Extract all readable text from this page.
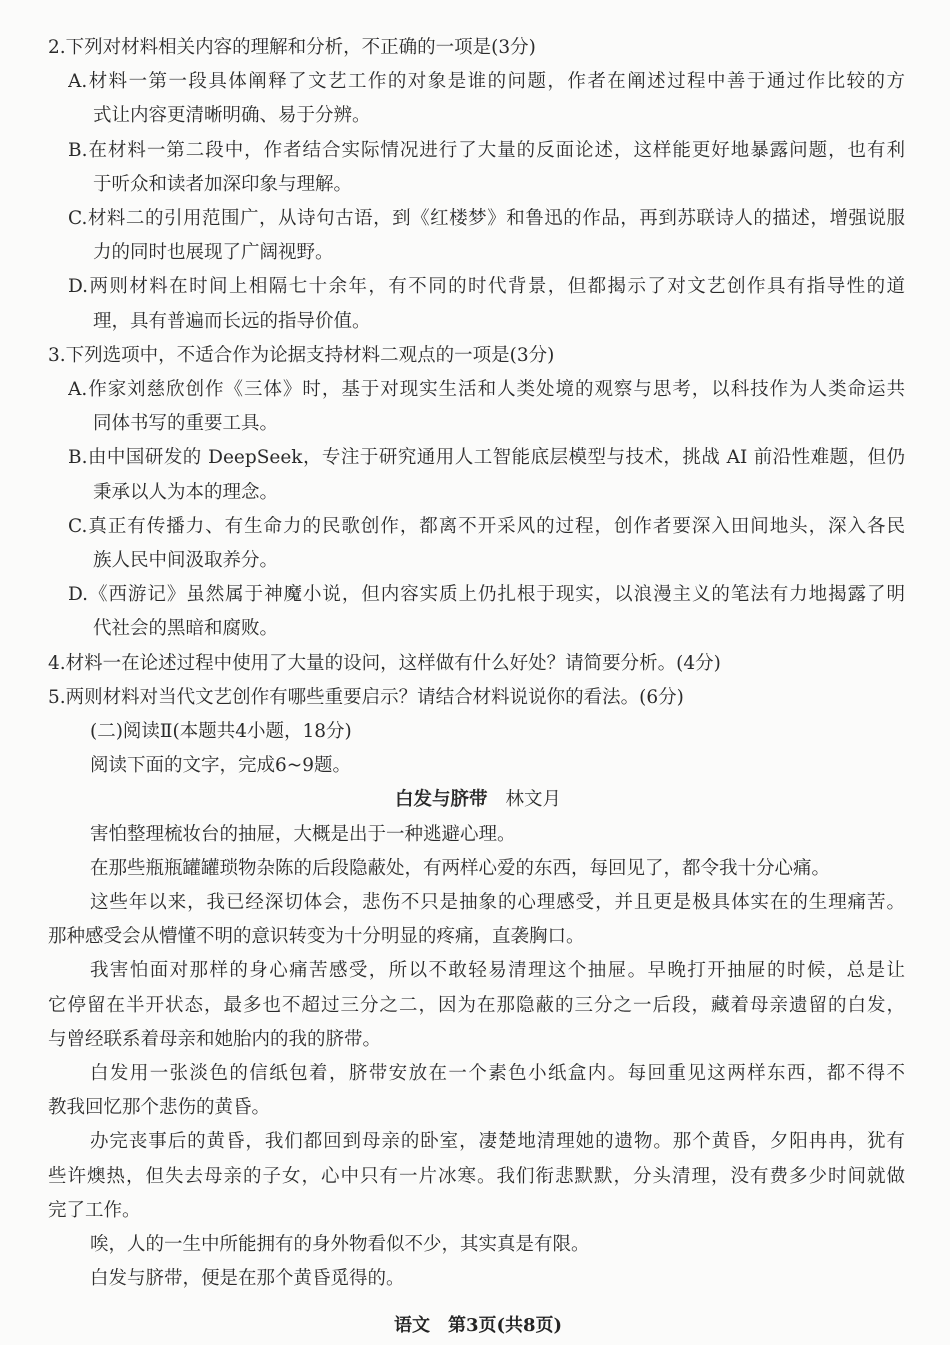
2.下列对材料相关内容的理解和分析，不正确的一项是(3分)
A.材料一第一段具体阐释了文艺工作的对象是谁的问题，作者在阐述过程中善于通过作比较的方
式让内容更清晰明确、易于分辨。
B.在材料一第二段中，作者结合实际情况进行了大量的反面论述，这样能更好地暴露问题，也有利
于听众和读者加深印象与理解。
C.材料二的引用范围广，从诗句古语，到《红楼梦》和鲁迅的作品，再到苏联诗人的描述，增强说服
力的同时也展现了广阔视野。
D.两则材料在时间上相隔七十余年，有不同的时代背景，但都揭示了对文艺创作具有指导性的道
理，具有普遍而长远的指导价值。
3.下列选项中，不适合作为论据支持材料二观点的一项是(3分)
A.作家刘慈欣创作《三体》时，基于对现实生活和人类处境的观察与思考，以科技作为人类命运共
同体书写的重要工具。
B.由中国研发的 DeepSeek，专注于研究通用人工智能底层模型与技术，挑战 AI 前沿性难题，但仍
秉承以人为本的理念。
C.真正有传播力、有生命力的民歌创作，都离不开采风的过程，创作者要深入田间地头，深入各民
族人民中间汲取养分。
D.《西游记》虽然属于神魔小说，但内容实质上仍扎根于现实，以浪漫主义的笔法有力地揭露了明
代社会的黑暗和腐败。
4.材料一在论述过程中使用了大量的设问，这样做有什么好处？请简要分析。(4分)
5.两则材料对当代文艺创作有哪些重要启示？请结合材料说说你的看法。(6分)
(二)阅读Ⅱ(本题共4小题，18分)
阅读下面的文字，完成6~9题。
白发与脐带 林文月
害怕整理梳妆台的抽屉，大概是出于一种逃避心理。
在那些瓶瓶罐罐琐物杂陈的后段隐蔽处，有两样心爱的东西，每回见了，都令我十分心痛。
这些年以来，我已经深切体会，悲伤不只是抽象的心理感受，并且更是极具体实在的生理痛苦。
那种感受会从懵懂不明的意识转变为十分明显的疼痛，直袭胸口。
我害怕面对那样的身心痛苦感受，所以不敢轻易清理这个抽屉。早晚打开抽屉的时候，总是让
它停留在半开状态，最多也不超过三分之二，因为在那隐蔽的三分之一后段，藏着母亲遗留的白发，
与曾经联系着母亲和她胎内的我的脐带。
白发用一张淡色的信纸包着，脐带安放在一个素色小纸盒内。每回重见这两样东西，都不得不
教我回忆那个悲伤的黄昏。
办完丧事后的黄昏，我们都回到母亲的卧室，凄楚地清理她的遗物。那个黄昏，夕阳冉冉，犹有
些许燠热，但失去母亲的子女，心中只有一片冰寒。我们衔悲默默，分头清理，没有费多少时间就做
完了工作。
唉，人的一生中所能拥有的身外物看似不少，其实真是有限。
白发与脐带，便是在那个黄昏觅得的。
语文　第3页(共8页)
